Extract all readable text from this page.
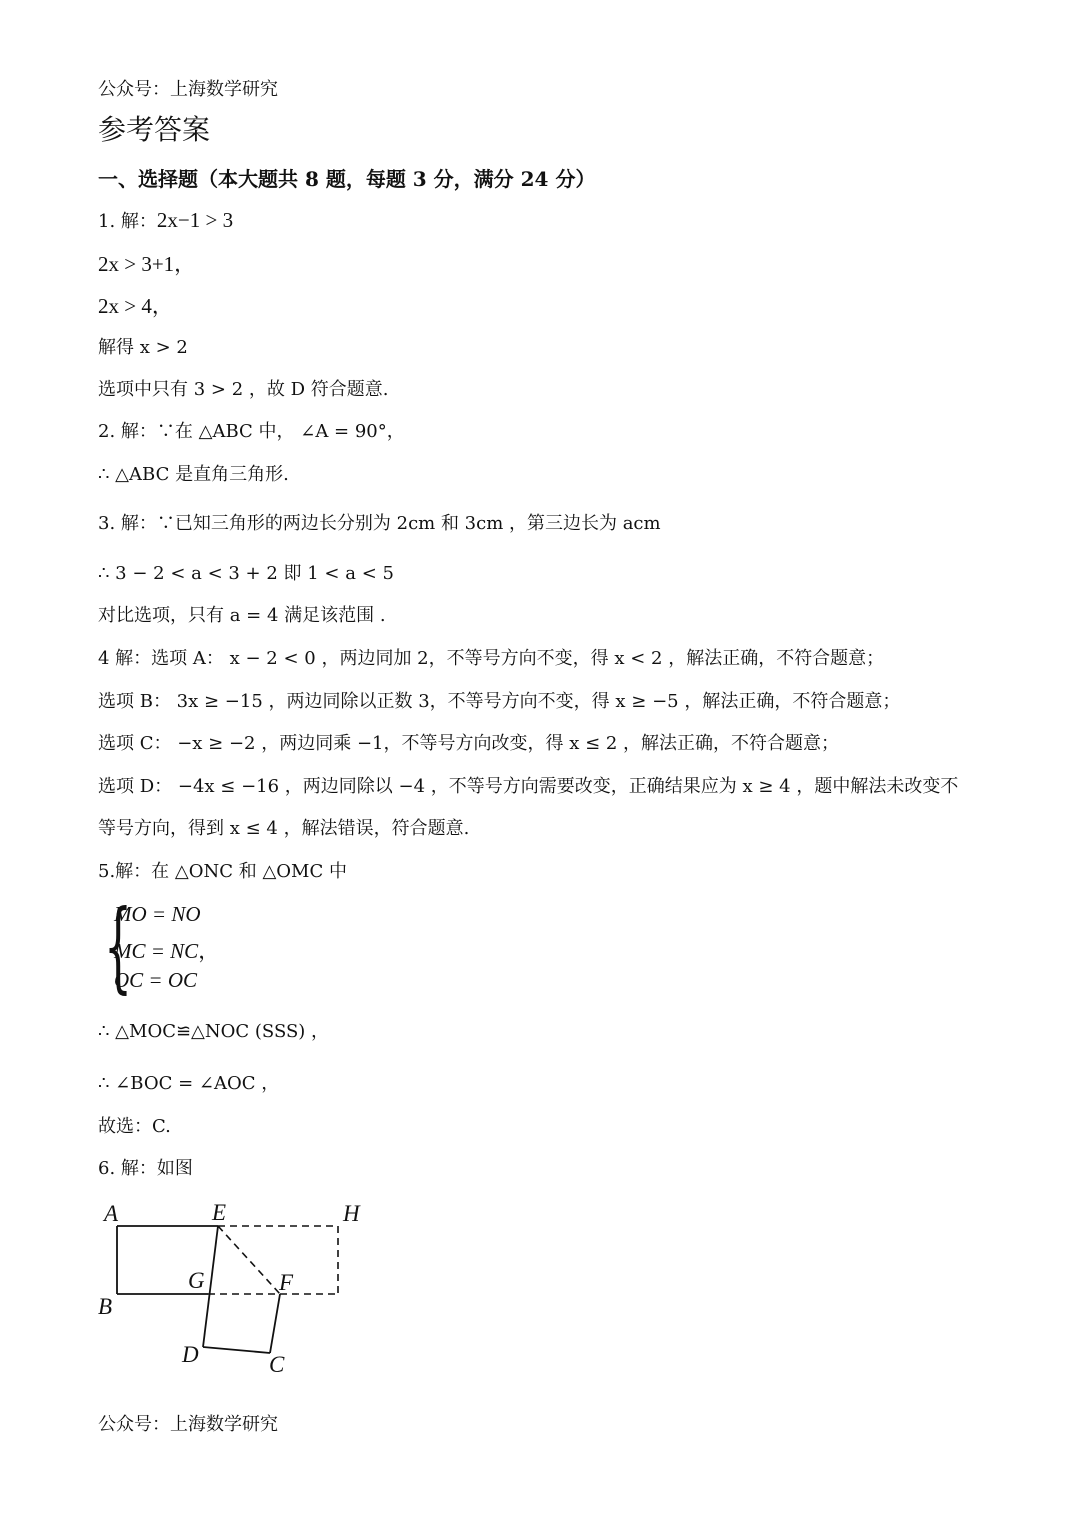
公众号：上海数学研究
参考答案
一、选择题（本大题共 8 题，每题 3 分，满分 24 分）
1. 解：2x−1 > 3
2x > 3+1，
2x > 4，
解得 x > 2
选项中只有 3 > 2 ，故 D 符合题意.
2. 解：∵在 △ABC 中， ∠A = 90°，
∴ △ABC 是直角三角形.
3. 解：∵已知三角形的两边长分别为 2cm 和 3cm ，第三边长为 acm
∴ 3 − 2 < a < 3 + 2 即 1 < a < 5
对比选项，只有 a = 4 满足该范围 .
4 解：选项 A： x − 2 < 0 ，两边同加 2，不等号方向不变，得 x < 2 ，解法正确，不符合题意；
选项 B： 3x ≥ −15 ，两边同除以正数 3，不等号方向不变，得 x ≥ −5 ，解法正确，不符合题意；
选项 C： −x ≥ −2 ，两边同乘 −1，不等号方向改变，得 x ≤ 2 ，解法正确，不符合题意；
选项 D： −4x ≤ −16 ，两边同除以 −4 ，不等号方向需要改变，正确结果应为 x ≥ 4 ，题中解法未改变不
等号方向，得到 x ≤ 4 ，解法错误，符合题意.
5.解：在 △ONC 和 △OMC 中
{
MO = NO
MC = NC，
OC = OC
∴ △MOC≌△NOC (SSS) ，
∴ ∠BOC = ∠AOC ，
故选：C.
6. 解：如图
A	E	H
G	F
B
D	C
公众号：上海数学研究
